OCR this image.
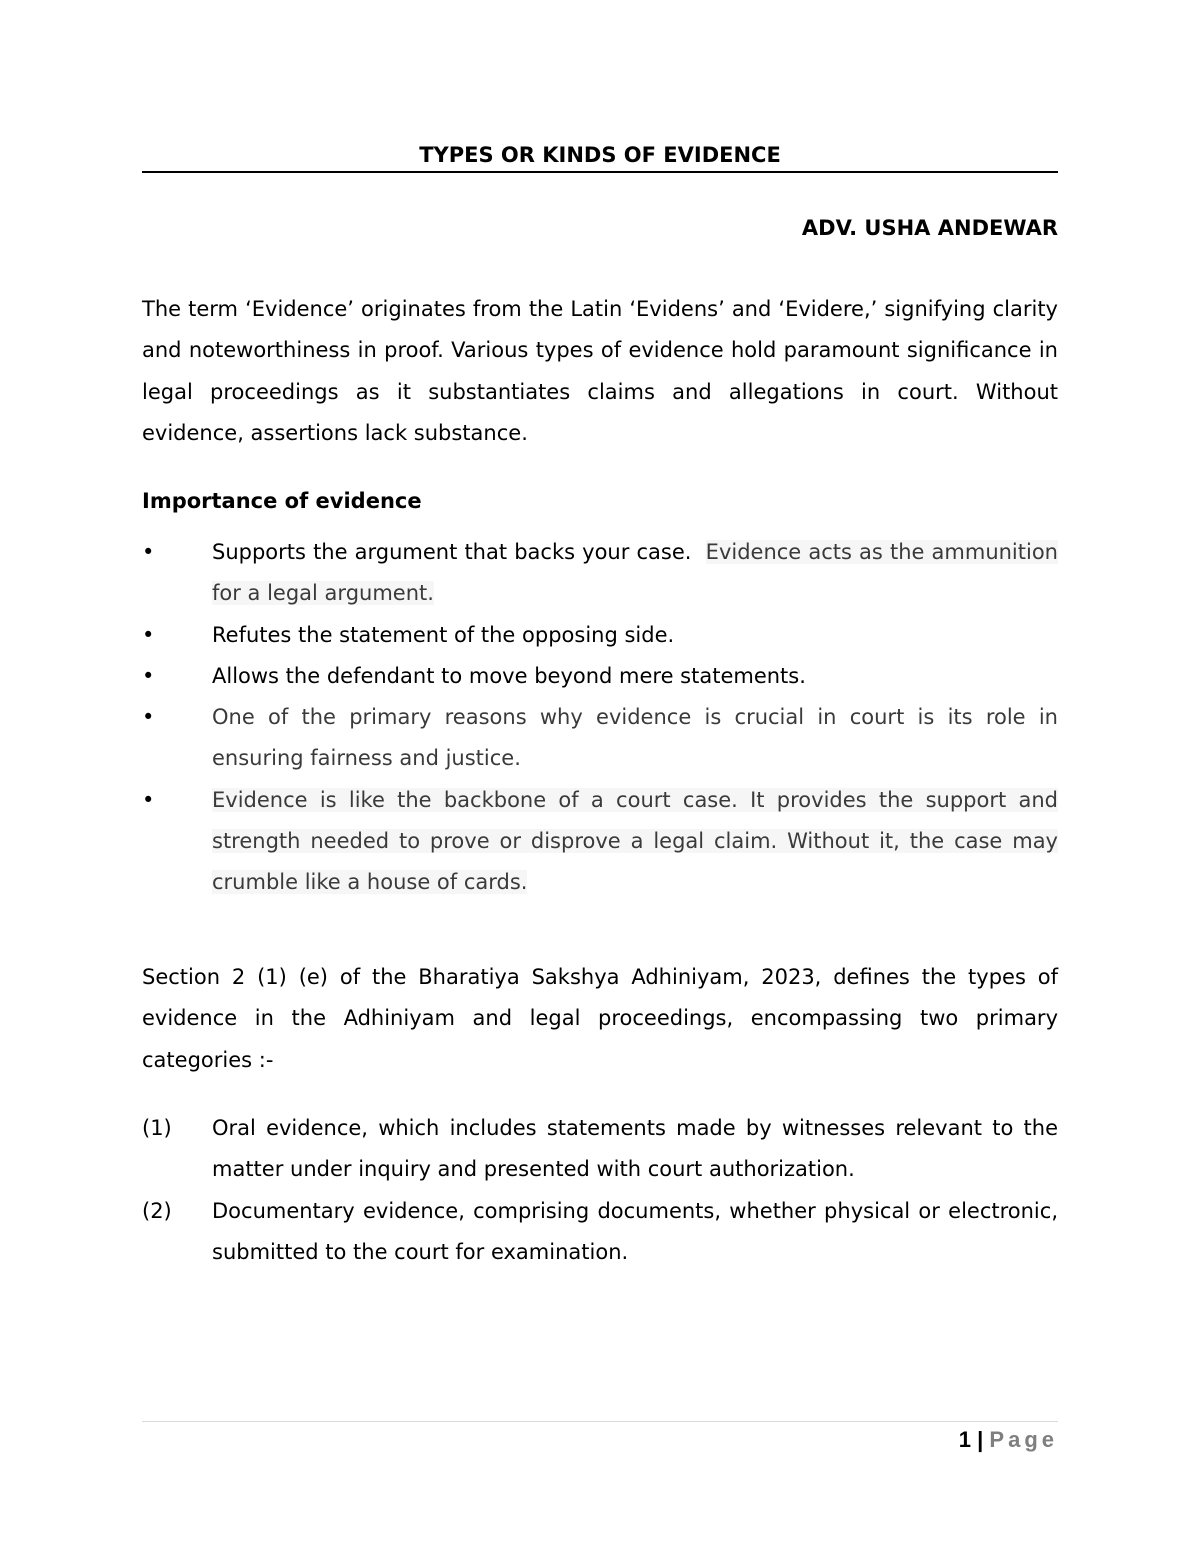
TYPES OR KINDS OF EVIDENCE
ADV. USHA ANDEWAR
The term ‘Evidence’ originates from the Latin ‘Evidens’ and ‘Evidere,’ signifying clarity and noteworthiness in proof. Various types of evidence hold paramount significance in legal proceedings as it substantiates claims and allegations in court. Without evidence, assertions lack substance.
Importance of evidence
•	Supports the argument that backs your case. Evidence acts as the ammunition for a legal argument.
•	Refutes the statement of the opposing side.
•	Allows the defendant to move beyond mere statements.
•	One of the primary reasons why evidence is crucial in court is its role in ensuring fairness and justice.
•	Evidence is like the backbone of a court case. It provides the support and strength needed to prove or disprove a legal claim. Without it, the case may crumble like a house of cards.
Section 2 (1) (e) of the Bharatiya Sakshya Adhiniyam, 2023, defines the types of evidence in the Adhiniyam and legal proceedings, encompassing two primary categories :-
(1) Oral evidence, which includes statements made by witnesses relevant to the matter under inquiry and presented with court authorization.
(2) Documentary evidence, comprising documents, whether physical or electronic, submitted to the court for examination.
1 | Page
